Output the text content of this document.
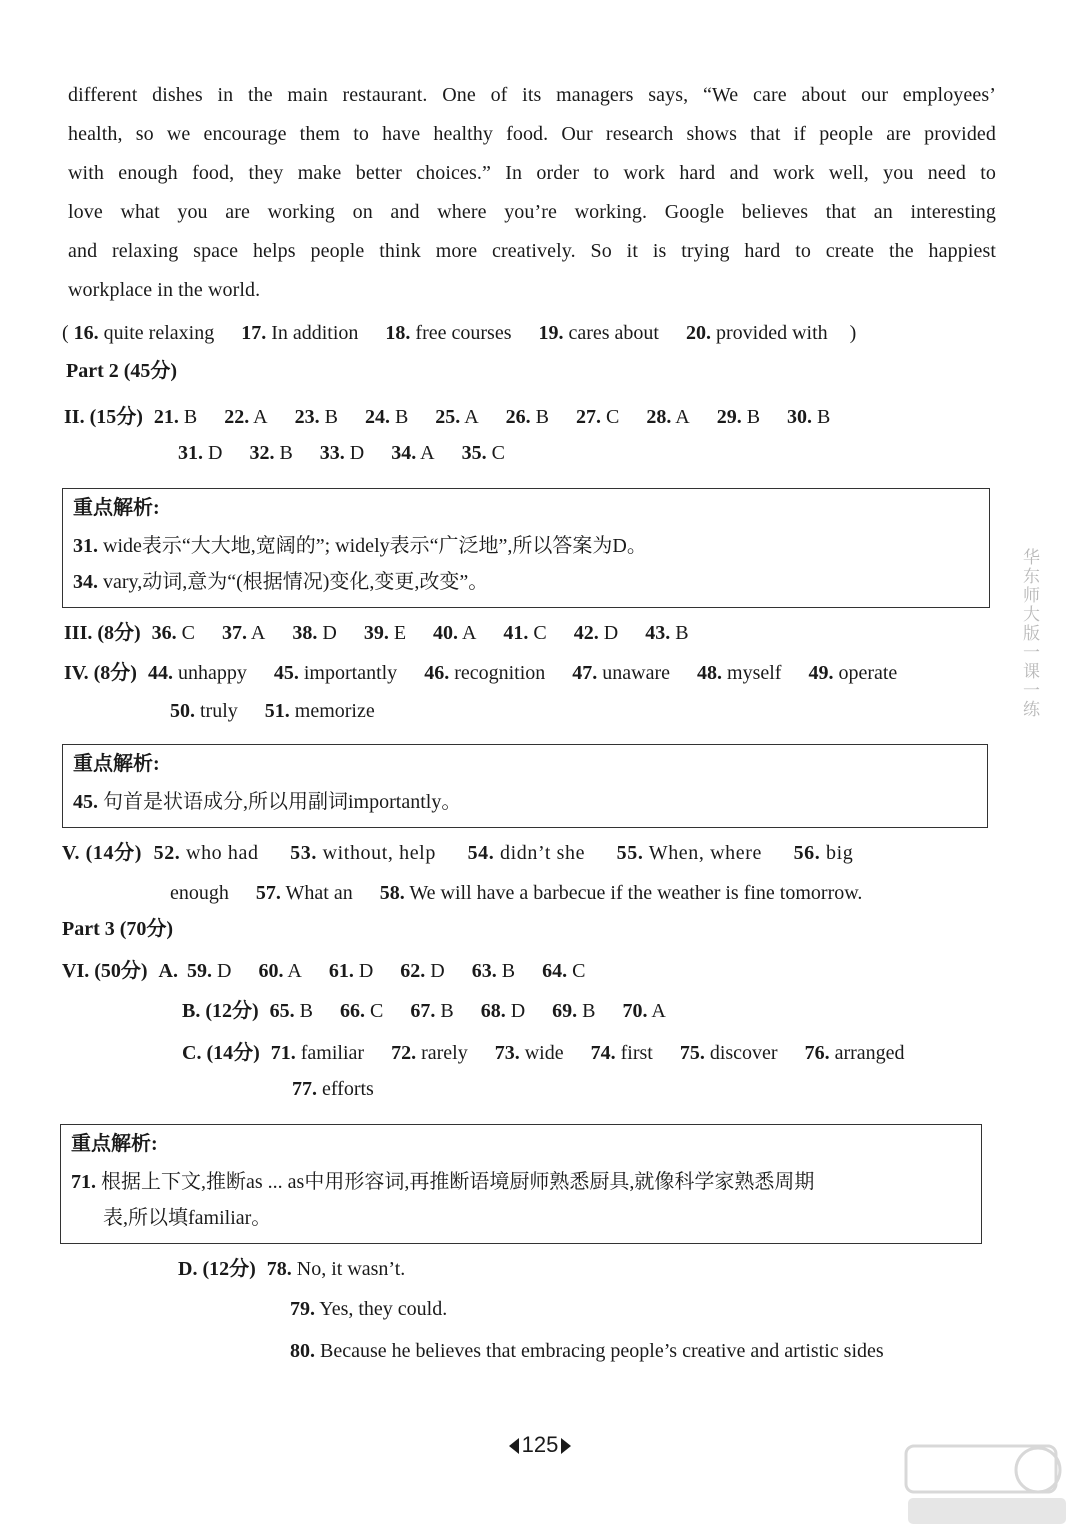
different dishes in the main restaurant. One of its managers says, “We care about our employees’
health, so we encourage them to have healthy food. Our research shows that if people are provided
with enough food, they make better choices.” In order to work hard and work well, you need to
love what you are working on and where you’re working. Google believes that an interesting
and relaxing space helps people think more creatively. So it is trying hard to create the happiest
workplace in the world.
( 16. quite relaxing 17. In addition 18. free courses 19. cares about 20. provided with )
Part 2 (45分)
II. (15分) 21. B 22. A 23. B 24. B 25. A 26. B 27. C 28. A 29. B 30. B
31. D 32. B 33. D 34. A 35. C
重点解析:
31. wide表示“大大地,宽阔的”; widely表示“广泛地”,所以答案为D。
34. vary,动词,意为“(根据情况)变化,变更,改变”。
III. (8分) 36. C 37. A 38. D 39. E 40. A 41. C 42. D 43. B
IV. (8分) 44. unhappy 45. importantly 46. recognition 47. unaware 48. myself 49. operate
50. truly 51. memorize
重点解析:
45. 句首是状语成分,所以用副词importantly。
V. (14分) 52. who had 53. without, help 54. didn’t she 55. When, where 56. big
enough 57. What an 58. We will have a barbecue if the weather is fine tomorrow.
Part 3 (70分)
VI. (50分) A. 59. D 60. A 61. D 62. D 63. B 64. C
B. (12分) 65. B 66. C 67. B 68. D 69. B 70. A
C. (14分) 71. familiar 72. rarely 73. wide 74. first 75. discover 76. arranged
77. efforts
重点解析:
71. 根据上下文,推断as ... as中用形容词,再推断语境厨师熟悉厨具,就像科学家熟悉周期
表,所以填familiar。
D. (12分) 78. No, it wasn’t.
79. Yes, they could.
80. Because he believes that embracing people’s creative and artistic sides
华东师大版一课一练
125
